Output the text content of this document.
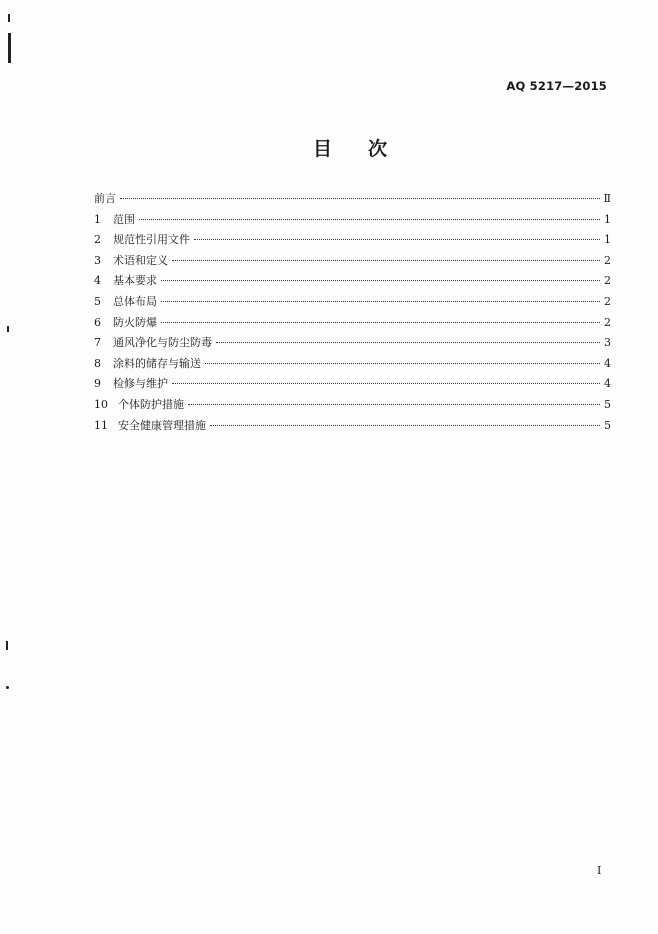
AQ 5217—2015
目 次
前言	Ⅱ
1	范围	1
2	规范性引用文件	1
3	术语和定义	2
4	基本要求	2
5	总体布局	2
6	防火防爆	2
7	通风净化与防尘防毒	3
8	涂料的储存与输送	4
9	检修与维护	4
10 个体防护措施	5
11 安全健康管理措施	5
I
